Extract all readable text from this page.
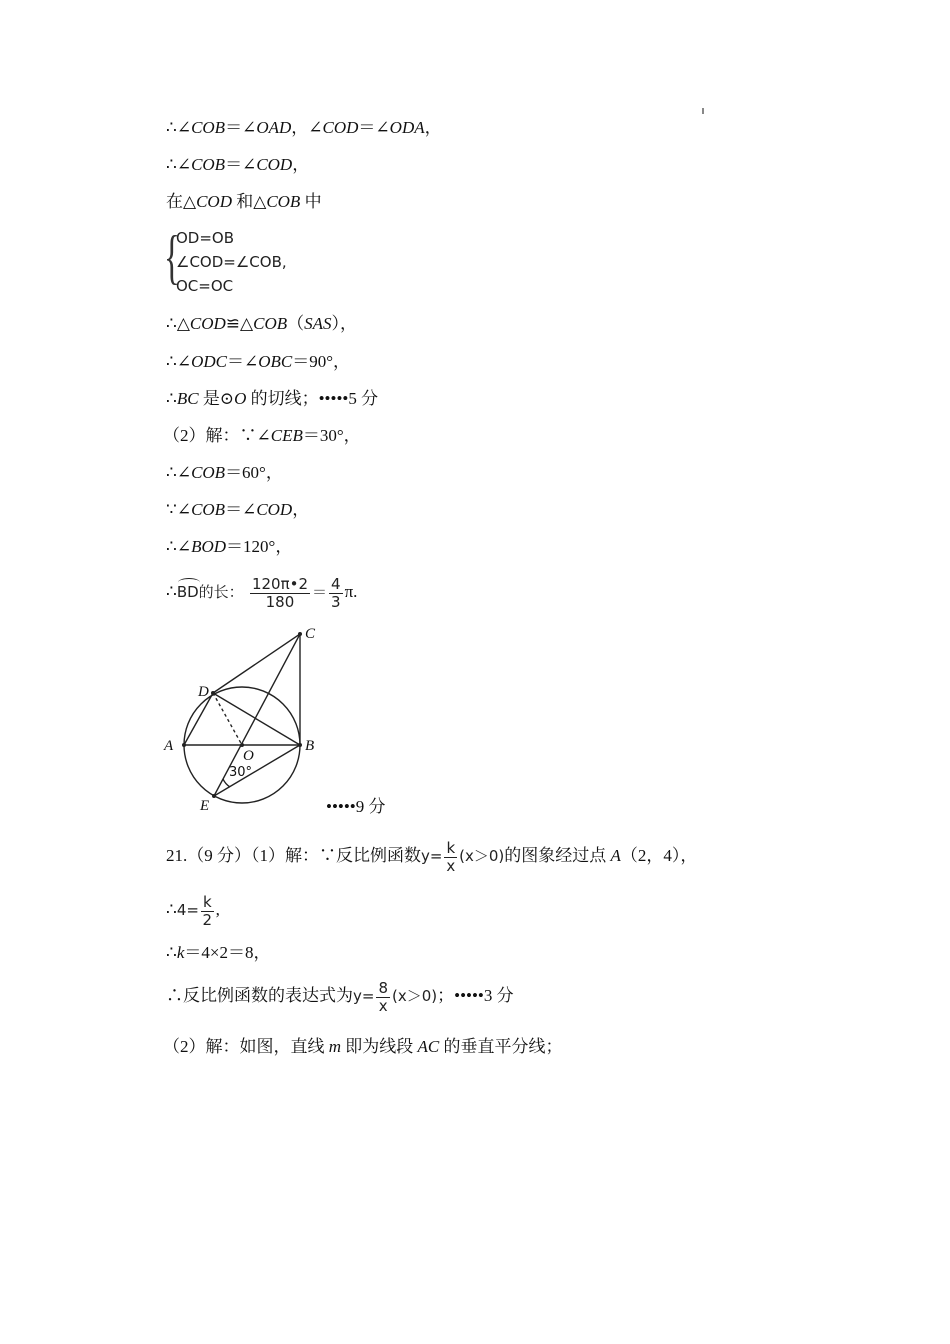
∴∠COB＝∠OAD，∠COD＝∠ODA，
∴∠COB＝∠COD，
在△COD 和△COB 中
{
OD=OB
∠COD=∠COB,
OC=OC
∴△COD≌△COB（SAS），
∴∠ODC＝∠OBC＝90°，
∴BC 是⊙O 的切线；•••••5 分
（2）解：∵∠CEB＝30°，
∴∠COB＝60°，
∵∠COB＝∠COD，
∴∠BOD＝120°，
∴
BD的长： $\frac{120\pi•2}{180} = \frac{4}{3} \pi$.
C
D
A	B
O
E
30°
•••••9 分
21.（9 分）（1）解：∵反比例函数$y= \frac{k}{x} (x>0)$的图象经过点 A（2，4），
∴4= $\frac{k}{2}$ ,
∴k＝4×2＝8，
∴反比例函数的表达式为$y= \frac{8}{x} (x>0)$；•••••3 分
（2）解：如图，直线 m 即为线段 AC 的垂直平分线；
